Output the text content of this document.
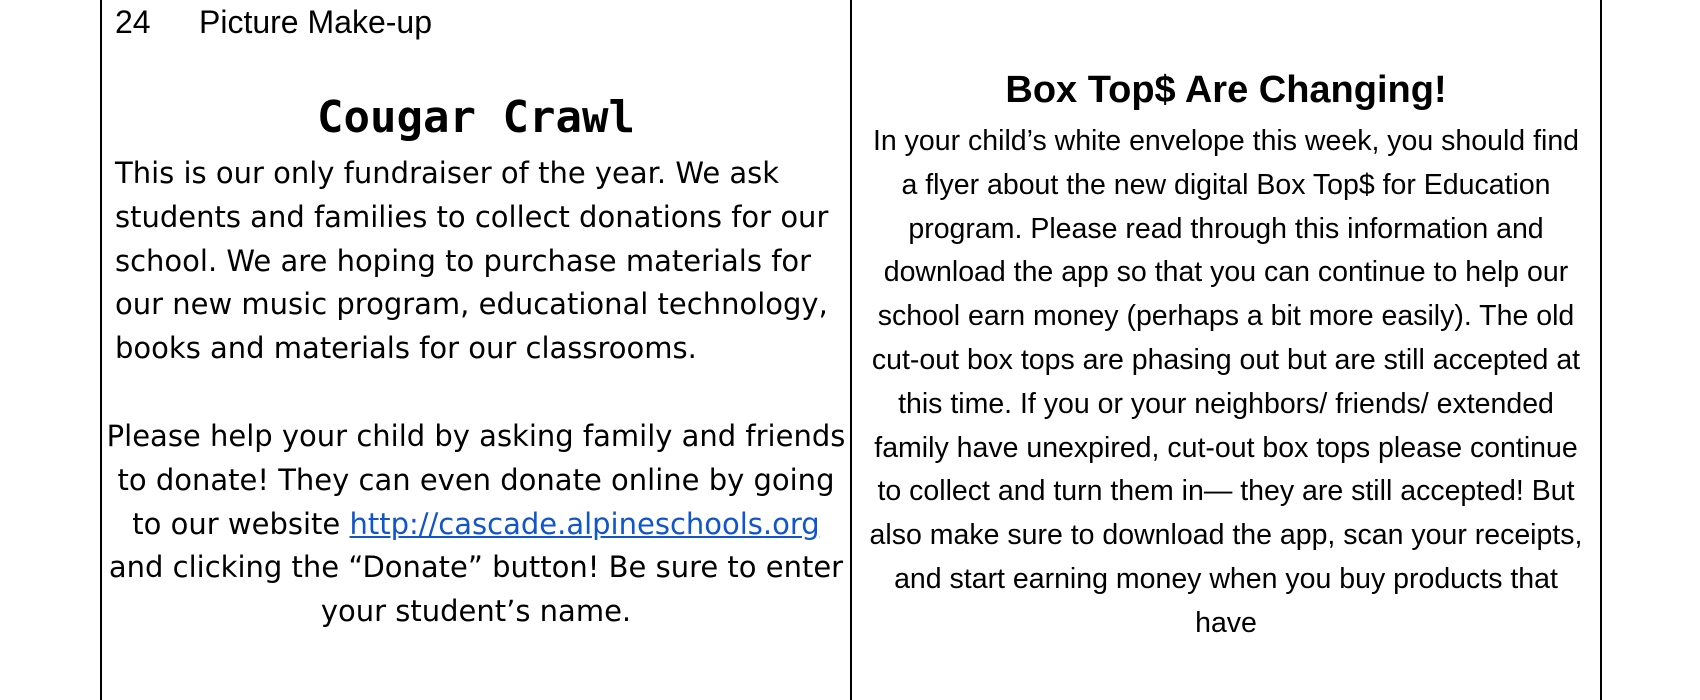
24 Picture Make-up
Cougar Crawl

This is our only fundraiser of the year. We ask students and families to collect donations for our school. We are hoping to purchase materials for our new music program, educational technology, books and materials for our classrooms.

Please help your child by asking family and friends to donate! They can even donate online by going to our website http://cascade.alpineschools.org and clicking the “Donate” button! Be sure to enter your student’s name.

Box Top$ Are Changing!

In your child’s white envelope this week, you should find a flyer about the new digital Box Top$ for Education program. Please read through this information and download the app so that you can continue to help our school earn money (perhaps a bit more easily). The old cut-out box tops are phasing out but are still accepted at this time. If you or your neighbors/ friends/ extended family have unexpired, cut-out box tops please continue to collect and turn them in— they are still accepted! But also make sure to download the app, scan your receipts, and start earning money when you buy products that have
